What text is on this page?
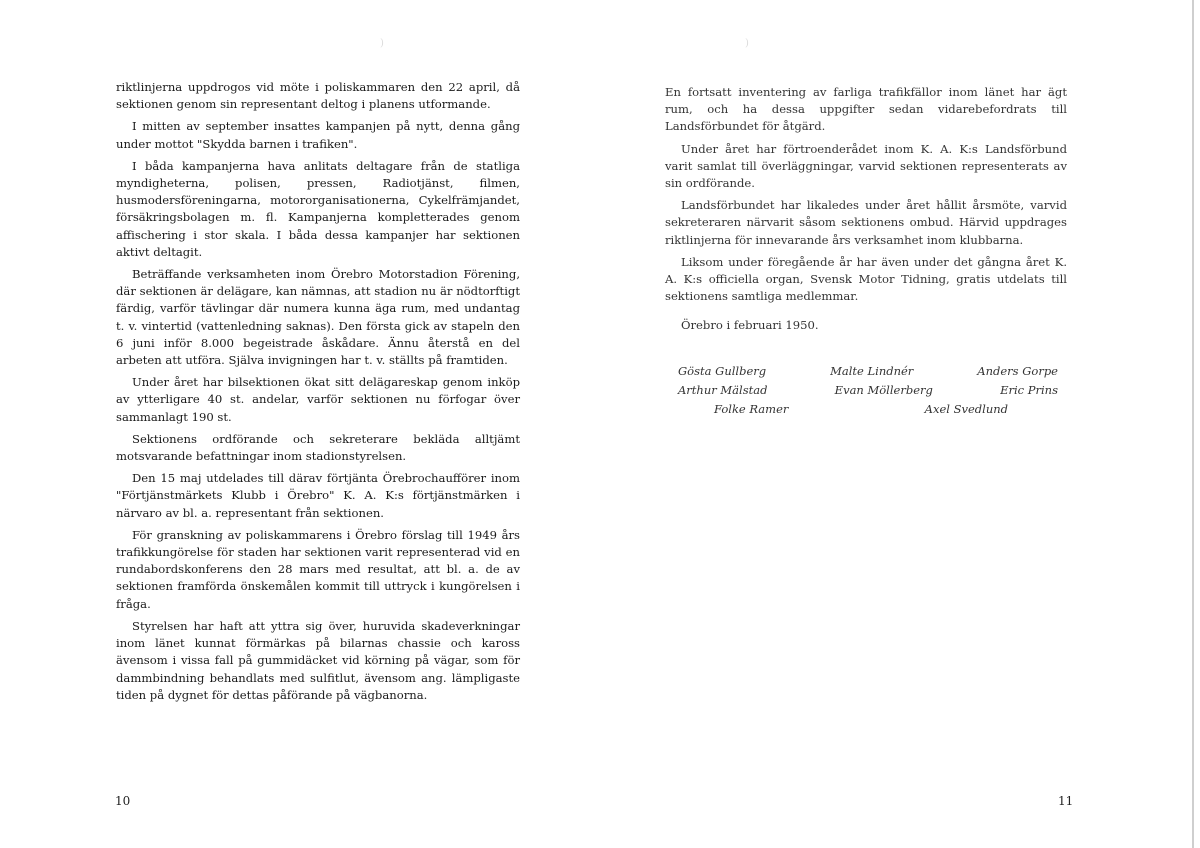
)

riktlinjerna uppdrogos vid möte i poliskammaren den 22 april, då sektionen genom sin representant deltog i planens utformande.

I mitten av september insattes kampanjen på nytt, denna gång under mottot "Skydda barnen i trafiken".

I båda kampanjerna hava anlitats deltagare från de statliga myndigheterna, polisen, pressen, Radiotjänst, filmen, husmodersföreningarna, motororganisationerna, Cykelfrämjandet, försäkringsbolagen m. fl. Kampanjerna kompletterades genom affischering i stor skala. I båda dessa kampanjer har sektionen aktivt deltagit.

Beträffande verksamheten inom Örebro Motorstadion Förening, där sektionen är delägare, kan nämnas, att stadion nu är nödtorftigt färdig, varför tävlingar där numera kunna äga rum, med undantag t. v. vintertid (vattenledning saknas). Den första gick av stapeln den 6 juni inför 8.000 begeistrade åskådare. Ännu återstå en del arbeten att utföra. Själva invigningen har t. v. ställts på framtiden.

Under året har bilsektionen ökat sitt delägareskap genom inköp av ytterligare 40 st. andelar, varför sektionen nu förfogar över sammanlagt 190 st.

Sektionens ordförande och sekreterare bekläda alltjämt motsvarande befattningar inom stadionstyrelsen.

Den 15 maj utdelades till därav förtjänta Örebrochaufförer inom "Förtjänstmärkets Klubb i Örebro" K. A. K:s förtjänstmärken i närvaro av bl. a. representant från sektionen.

För granskning av poliskammarens i Örebro förslag till 1949 års trafikkungörelse för staden har sektionen varit representerad vid en rundabordskonferens den 28 mars med resultat, att bl. a. de av sektionen framförda önskemålen kommit till uttryck i kungörelsen i fråga.

Styrelsen har haft att yttra sig över, huruvida skadeverkningar inom länet kunnat förmärkas på bilarnas chassie och kaross ävensom i vissa fall på gummidäcket vid körning på vägar, som för dammbindning behandlats med sulfitlut, ävensom ang. lämpligaste tiden på dygnet för dettas påförande på vägbanorna.

10
)

En fortsatt inventering av farliga trafikfällor inom länet har ägt rum, och ha dessa uppgifter sedan vidarebefordrats till Landsförbundet för åtgärd.

Under året har förtroenderådet inom K. A. K:s Landsförbund varit samlat till överläggningar, varvid sektionen representerats av sin ordförande.

Landsförbundet har likaledes under året hållit årsmöte, varvid sekreteraren närvarit såsom sektionens ombud. Härvid uppdrages riktlinjerna för innevarande års verksamhet inom klubbarna.

Liksom under föregående år har även under det gångna året K. A. K:s officiella organ, Svensk Motor Tidning, gratis utdelats till sektionens samtliga medlemmar.

Örebro i februari 1950.

Gösta Gullberg	Malte Lindnér	Anders Gorpe
Arthur Mälstad	Evan Möllerberg	Eric Prins
Folke Ramer	Axel Svedlund
11
